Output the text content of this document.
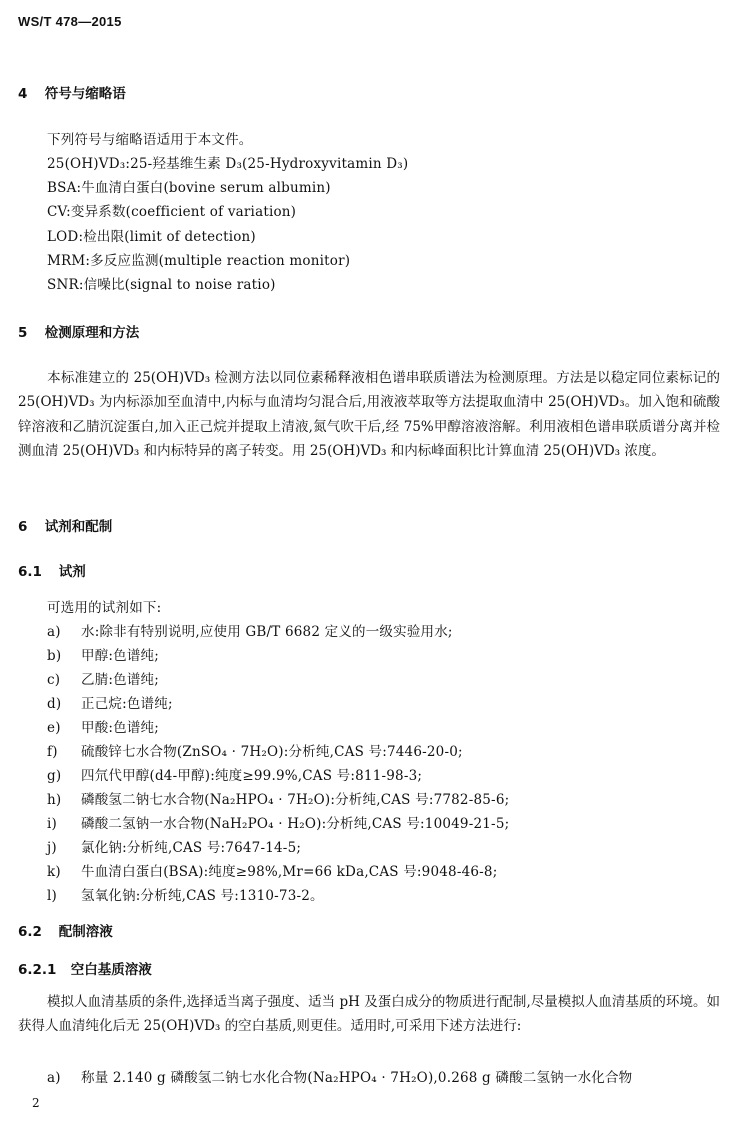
WS/T 478—2015
4 符号与缩略语
下列符号与缩略语适用于本文件。
25(OH)VD₃:25-羟基维生素 D₃(25-Hydroxyvitamin D₃)
BSA:牛血清白蛋白(bovine serum albumin)
CV:变异系数(coefficient of variation)
LOD:检出限(limit of detection)
MRM:多反应监测(multiple reaction monitor)
SNR:信噪比(signal to noise ratio)
5 检测原理和方法
本标准建立的 25(OH)VD₃ 检测方法以同位素稀释液相色谱串联质谱法为检测原理。方法是以稳定同位素标记的 25(OH)VD₃ 为内标添加至血清中,内标与血清均匀混合后,用液液萃取等方法提取血清中 25(OH)VD₃。加入饱和硫酸锌溶液和乙腈沉淀蛋白,加入正己烷并提取上清液,氮气吹干后,经 75%甲醇溶液溶解。利用液相色谱串联质谱分离并检测血清 25(OH)VD₃ 和内标特异的离子转变。用 25(OH)VD₃ 和内标峰面积比计算血清 25(OH)VD₃ 浓度。
6 试剂和配制
6.1 试剂
可选用的试剂如下:
a) 水:除非有特别说明,应使用 GB/T 6682 定义的一级实验用水;
b) 甲醇:色谱纯;
c) 乙腈:色谱纯;
d) 正己烷:色谱纯;
e) 甲酸:色谱纯;
f) 硫酸锌七水合物(ZnSO₄ · 7H₂O):分析纯,CAS 号:7446-20-0;
g) 四氘代甲醇(d4-甲醇):纯度≥99.9%,CAS 号:811-98-3;
h) 磷酸氢二钠七水合物(Na₂HPO₄ · 7H₂O):分析纯,CAS 号:7782-85-6;
i) 磷酸二氢钠一水合物(NaH₂PO₄ · H₂O):分析纯,CAS 号:10049-21-5;
j) 氯化钠:分析纯,CAS 号:7647-14-5;
k) 牛血清白蛋白(BSA):纯度≥98%,Mr=66 kDa,CAS 号:9048-46-8;
l) 氢氧化钠:分析纯,CAS 号:1310-73-2。
6.2 配制溶液
6.2.1 空白基质溶液
模拟人血清基质的条件,选择适当离子强度、适当 pH 及蛋白成分的物质进行配制,尽量模拟人血清基质的环境。如获得人血清纯化后无 25(OH)VD₃ 的空白基质,则更佳。适用时,可采用下述方法进行:
a) 称量 2.140 g 磷酸氢二钠七水化合物(Na₂HPO₄ · 7H₂O),0.268 g 磷酸二氢钠一水化合物
2
